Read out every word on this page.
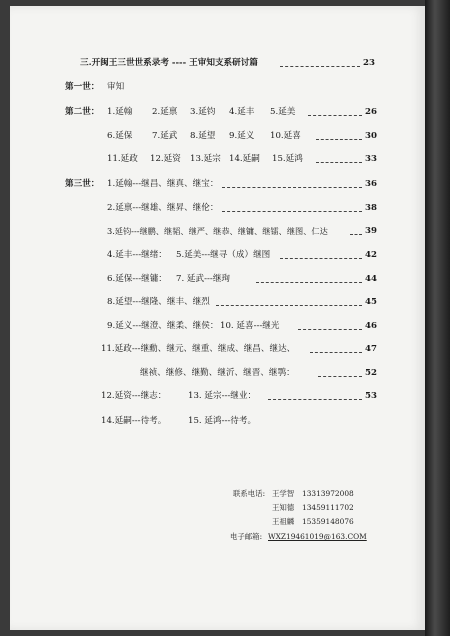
三.开闽王三世世系录考 ---- 王审知支系研讨篇	23
第一世： 审知
第二世： 1.延翰 2.延禀 3.延钧 4.延丰 5.延美	26
6.延保 7.延武 8.延望 9.延义 10.延喜	30
11.延政 12.延资 13.延宗 14.延嗣 15.延鸿	33
第三世： 1.延翰---继昌、继真、继宝：	36
2.延禀---继雄、继昇、继伦：	38
3.延钧---继鹏、继韬、继严、继恭、继镛、继镭、继图、仁达	39
4.延丰---继绪： 5.延美---继寻（成）继图	42
6.延保---继镛： 7. 延武---继珣	44
8.延望---继隆、继丰、继烈	45
9.延义---继澄、继柔、继侯： 10. 延喜---继光	46
11.延政---继勳、继元、继重、继成、继昌、继达、	47
继祯、继修、继勤、继沂、继晋、继鹗：	52
12.延资---继志：	13. 延宗---继业：	53
14.延嗣---待考。	15. 延鸿---待考。
联系电话: 王学智 13313972008
王知德 13459111702
王祖麟 15359148076
电子邮箱: WXZ19461019@163.COM
